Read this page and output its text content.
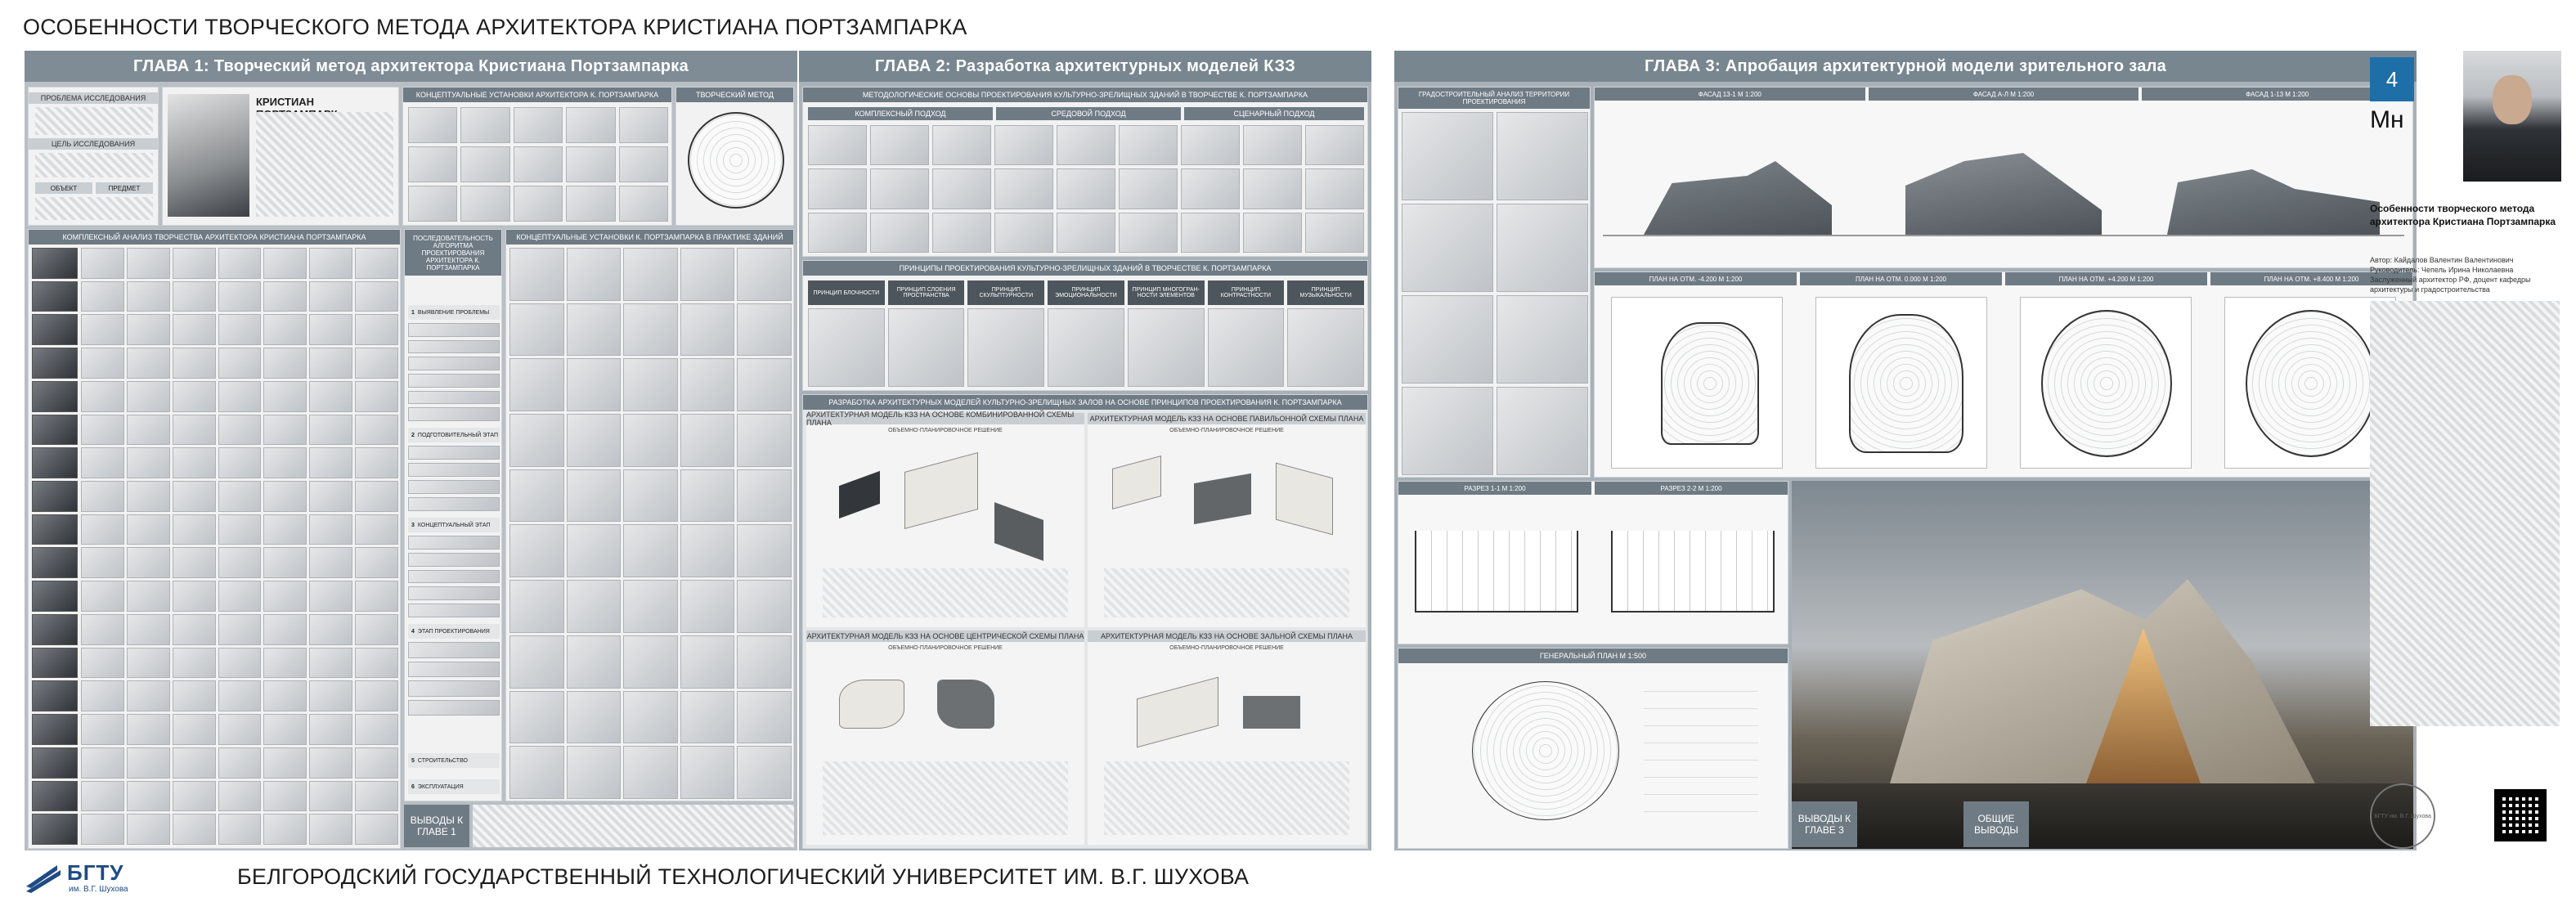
ОСОБЕННОСТИ ТВОРЧЕСКОГО МЕТОДА АРХИТЕКТОРА КРИСТИАНА ПОРТЗАМПАРКА
ГЛАВА 1: Творческий метод архитектора Кристиана Портзампарка
ПРОБЛЕМА ИССЛЕДОВАНИЯ
ЦЕЛЬ ИССЛЕДОВАНИЯ
ОБЪЕКТ	ПРЕДМЕТ
КРИСТИАН
КОНЦЕПТУАЛЬНЫЕ УСТАНОВКИ АРХИТЕКТОРА К. ПОРТЗАМПАРКА	ТВОРЧЕСКИЙ МЕТОД
КОМПЛЕКСНЫЙ АНАЛИЗ ТВОРЧЕСТВА АРХИТЕКТОРА КРИСТИАНА ПОРТЗАМПАРКА	ПОСЛЕДОВАТЕЛЬНОСТЬ АЛГОРИТМА ПРОЕКТИРОВАНИЯ АРХИТЕКТОРА К. ПОРТЗАМПАРКА
1 ВЫЯВЛЕНИЕ ПРОБЛЕМЫ
2 ПОДГОТОВИТЕЛЬНЫЙ ЭТАП
3 КОНЦЕПТУАЛЬНЫЙ ЭТАП
4 ЭТАП ПРОЕКТИРОВАНИЯ
5 СТРОИТЕЛЬСТВО
6 ЭКСПЛУАТАЦИЯ
КОНЦЕПТУАЛЬНЫЕ УСТАНОВКИ К. ПОРТЗАМПАРКА В ПРАКТИКЕ ЗДАНИЙ
ВЫВОДЫ К ГЛАВЕ 1
ГЛАВА 2: Разработка архитектурных моделей КЗЗ
МЕТОДОЛОГИЧЕСКИЕ ОСНОВЫ ПРОЕКТИРОВАНИЯ КУЛЬТУРНО-ЗРЕЛИЩНЫХ ЗДАНИЙ В ТВОРЧЕСТВЕ К. ПОРТЗАМПАРКА
КОМПЛЕКСНЫЙ ПОДХОД	СРЕДОВОЙ ПОДХОД	СЦЕНАРНЫЙ ПОДХОД
ПРИНЦИПЫ ПРОЕКТИРОВАНИЯ КУЛЬТУРНО-ЗРЕЛИЩНЫХ ЗДАНИЙ В ТВОРЧЕСТВЕ К. ПОРТЗАМПАРКА
ПРИНЦИП БЛОЧНОСТИ	ПРИНЦИП СЛОЕНИЯ ПРОСТРАНСТВА
ПРИНЦИП СКУЛЬПТУРНОСТИ
ПРИНЦИП ЭМОЦИОНАЛЬНОСТИ
ПРИНЦИП МНОГОГРАН-НОСТИ ЭЛЕМЕНТОВ
ПРИНЦИП КОНТРАСТНОСТИ
ПРИНЦИП МУЗЫКАЛЬНОСТИ
РАЗРАБОТКА АРХИТЕКТУРНЫХ МОДЕЛЕЙ КУЛЬТУРНО-ЗРЕЛИЩНЫХ ЗАЛОВ НА ОСНОВЕ ПРИНЦИПОВ ПРОЕКТИРОВАНИЯ К. ПОРТЗАМПАРКА
АРХИТЕКТУРНАЯ МОДЕЛЬ КЗЗ НА ОСНОВЕ КОМБИНИРОВАННОЙ СХЕМЫ ПЛАНА
ОБЪЕМНО-ПЛАНИРОВОЧНОЕ РЕШЕНИЕ
АРХИТЕКТУРНАЯ МОДЕЛЬ КЗЗ НА ОСНОВЕ ПАВИЛЬОННОЙ СХЕМЫ ПЛАНА
ОБЪЕМНО-ПЛАНИРОВОЧНОЕ РЕШЕНИЕ
АРХИТЕКТУРНАЯ МОДЕЛЬ КЗЗ НА ОСНОВЕ ЦЕНТРИЧЕСКОЙ СХЕМЫ ПЛАНА
ОБЪЕМНО-ПЛАНИРОВОЧНОЕ РЕШЕНИЕ
АРХИТЕКТУРНАЯ МОДЕЛЬ КЗЗ НА ОСНОВЕ ЗАЛЬНОЙ СХЕМЫ ПЛАНА
ОБЪЕМНО-ПЛАНИРОВОЧНОЕ РЕШЕНИЕ
ГЛАВА 3: Апробация архитектурной модели зрительного зала
ГРАДОСТРОИТЕЛЬНЫЙ АНАЛИЗ ТЕРРИТОРИИ ПРОЕКТИРОВАНИЯ
ФАСАД 13-1 М 1:200	ФАСАД А-Л М 1:200	ФАСАД 1-13 М 1:200
ПЛАН НА ОТМ. -4.200 М 1:200	ПЛАН НА ОТМ. 0.000 М 1:200	ПЛАН НА ОТМ. +4.200 М 1:200	ПЛАН НА ОТМ. +8.400 М 1:200
РАЗРЕЗ 1-1 М 1:200	РАЗРЕЗ 2-2 М 1:200
ГЕНЕРАЛЬНЫЙ ПЛАН М 1:500
ВЫВОДЫ К ГЛАВЕ 3
ОБЩИЕ ВЫВОДЫ
4
Мн
Особенности творческого метода архитектора Кристиана Портзампарка
Автор: Кайдалов Валентин Валентинович
Руководитель: Чепель Ирина Николаевна Заслуженный архитектор РФ, доцент кафедры архитектуры и градостроительства
БГТУ им. В.Г. Шухова
БГТУ
им. В.Г. Шухова
БЕЛГОРОДСКИЙ ГОСУДАРСТВЕННЫЙ ТЕХНОЛОГИЧЕСКИЙ УНИВЕРСИТЕТ ИМ. В.Г. ШУХОВА
